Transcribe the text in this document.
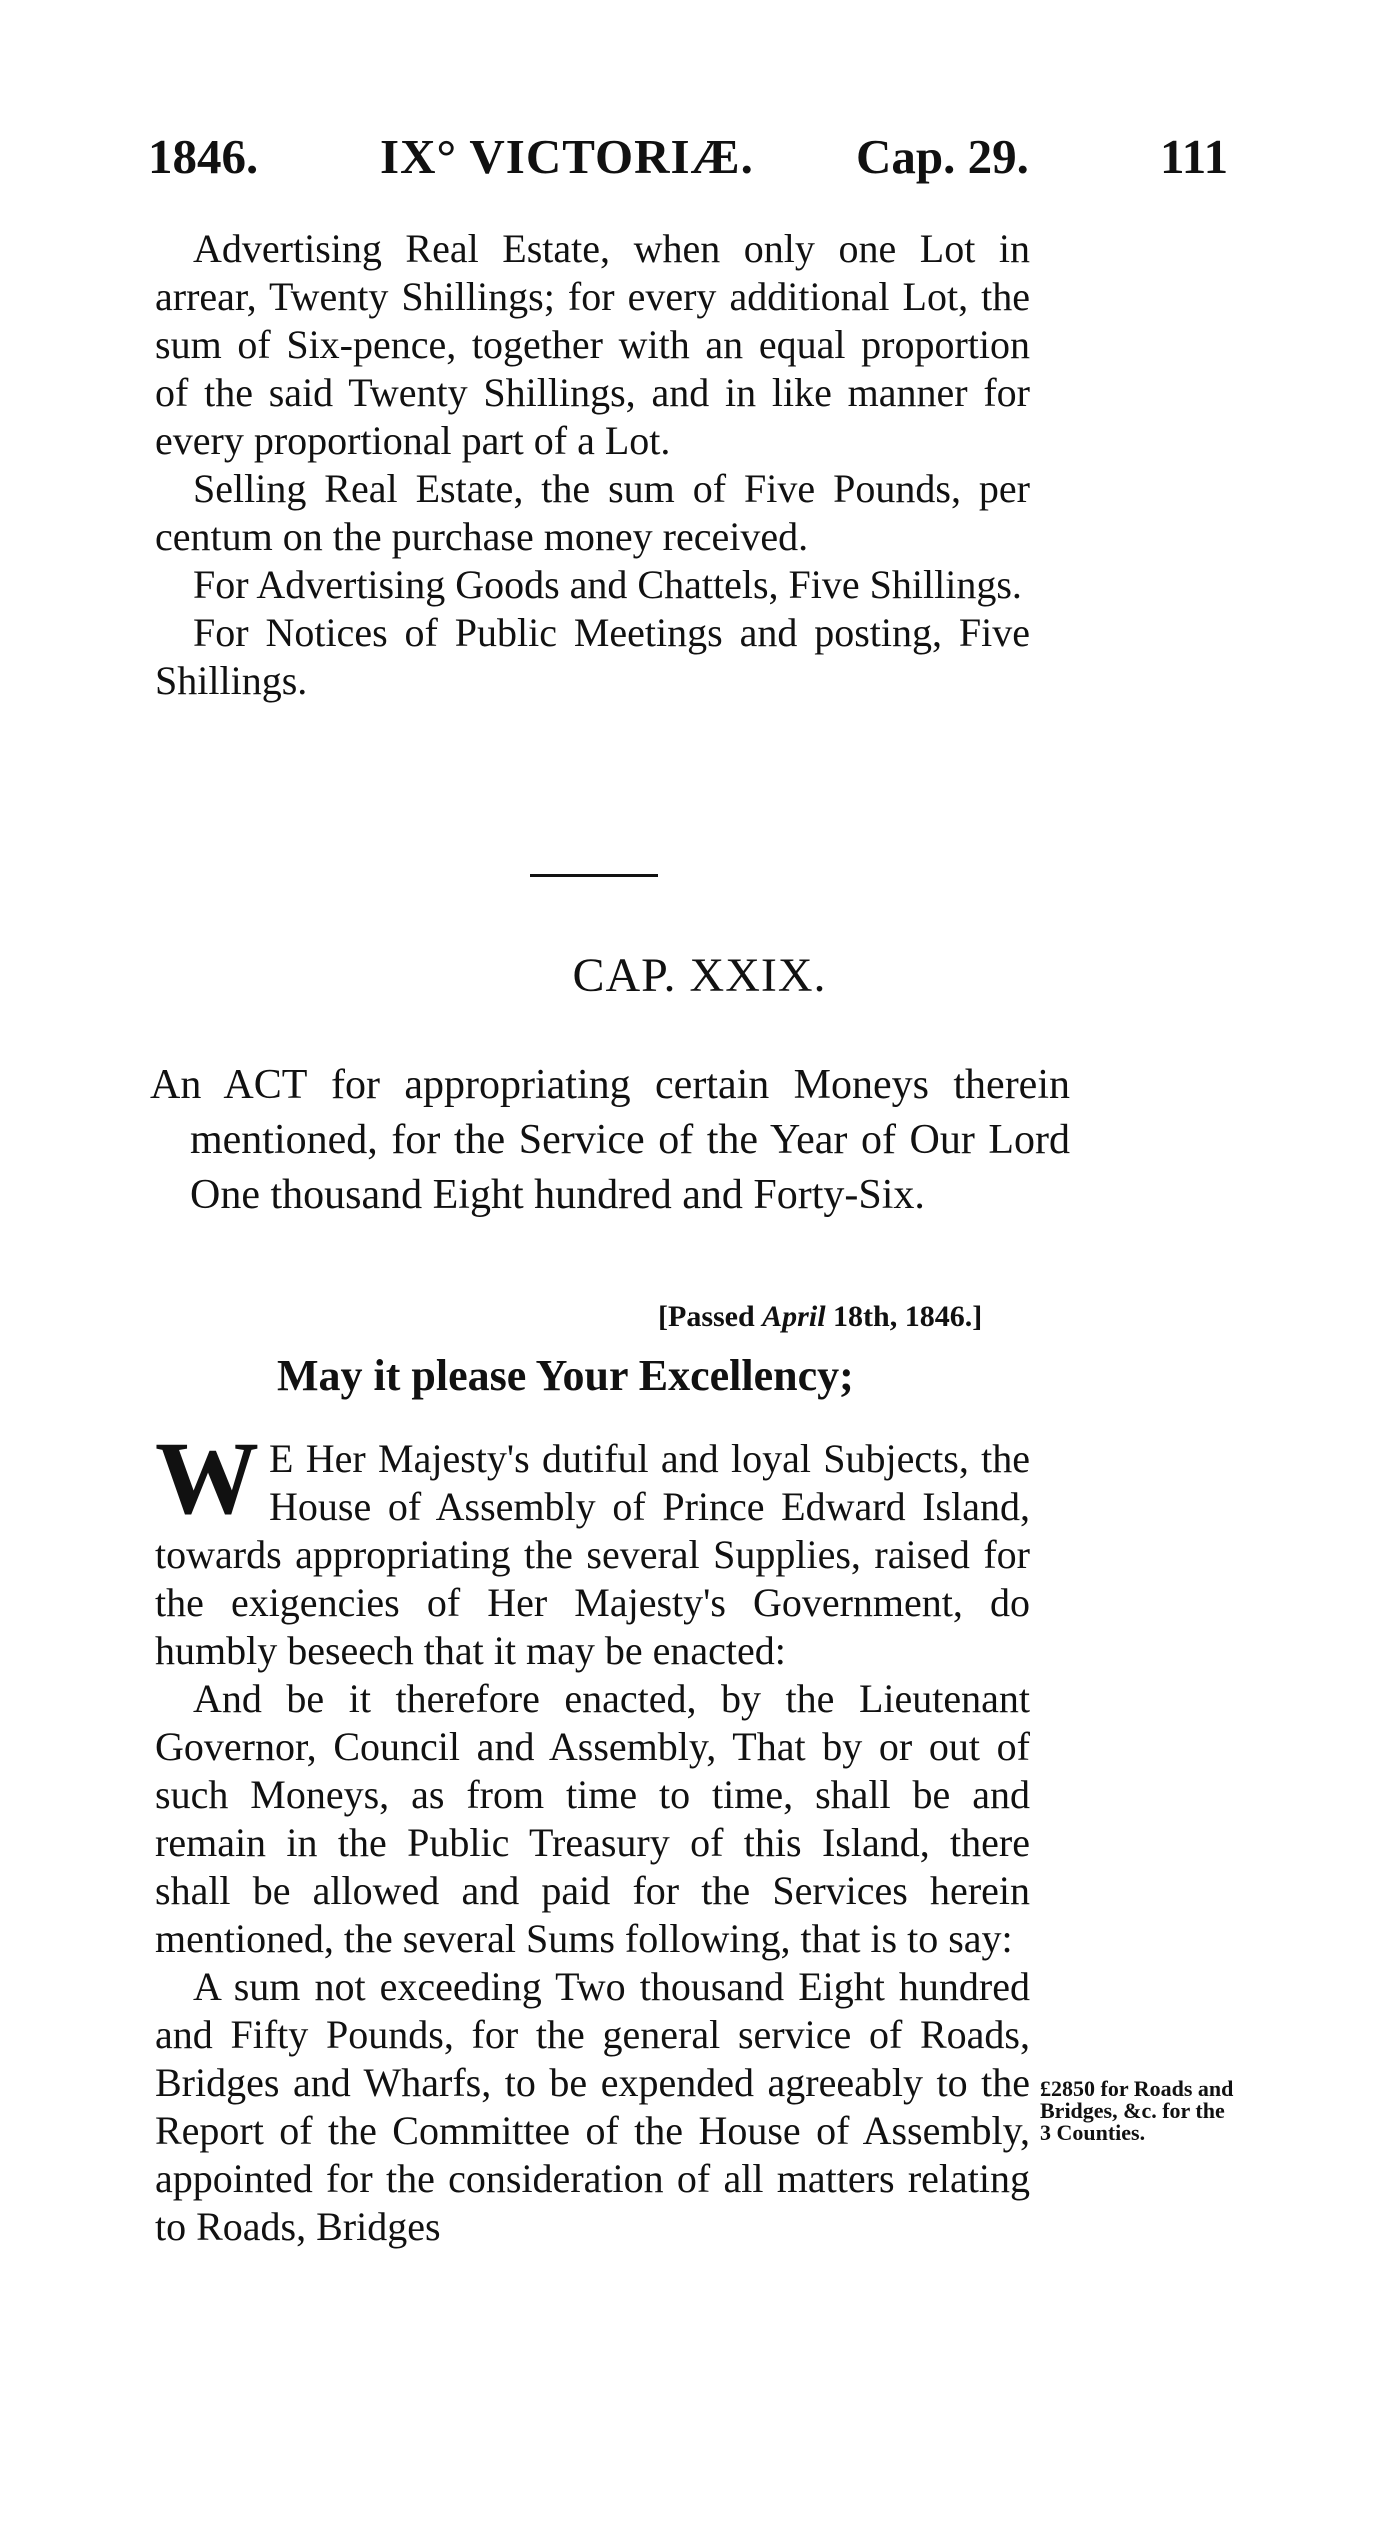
1846. IX° VICTORIÆ. Cap. 29.	111

Advertising Real Estate, when only one Lot in arrear, Twenty Shillings; for every additional Lot, the sum of Six-pence, together with an equal proportion of the said Twenty Shillings, and in like manner for every proportional part of a Lot.

Selling Real Estate, the sum of Five Pounds, per centum on the purchase money received.

For Advertising Goods and Chattels, Five Shillings.

For Notices of Public Meetings and posting, Five Shillings.

CAP. XXIX.
An ACT for appropriating certain Moneys therein mentioned, for the Service of the Year of Our Lord One thousand Eight hundred and Forty-Six.
[Passed April 18th, 1846.]
May it please Your Excellency;

W E Her Majesty's dutiful and loyal Subjects, the House of Assembly of Prince Edward Island, towards appropriating the several Supplies, raised for the exigencies of Her Majesty's Government, do humbly beseech that it may be enacted:

And be it therefore enacted, by the Lieutenant Governor, Council and Assembly, That by or out of such Moneys, as from time to time, shall be and remain in the Public Treasury of this Island, there shall be allowed and paid for the Services herein mentioned, the several Sums following, that is to say:

A sum not exceeding Two thousand Eight hundred and Fifty Pounds, for the general service of Roads, Bridges and Wharfs, to be expended agreeably to the Report of the Committee of the House of Assembly, appointed for the consideration of all matters relating to Roads, Bridges

£2850 for Roads and Bridges, &c. for the 3 Counties.
